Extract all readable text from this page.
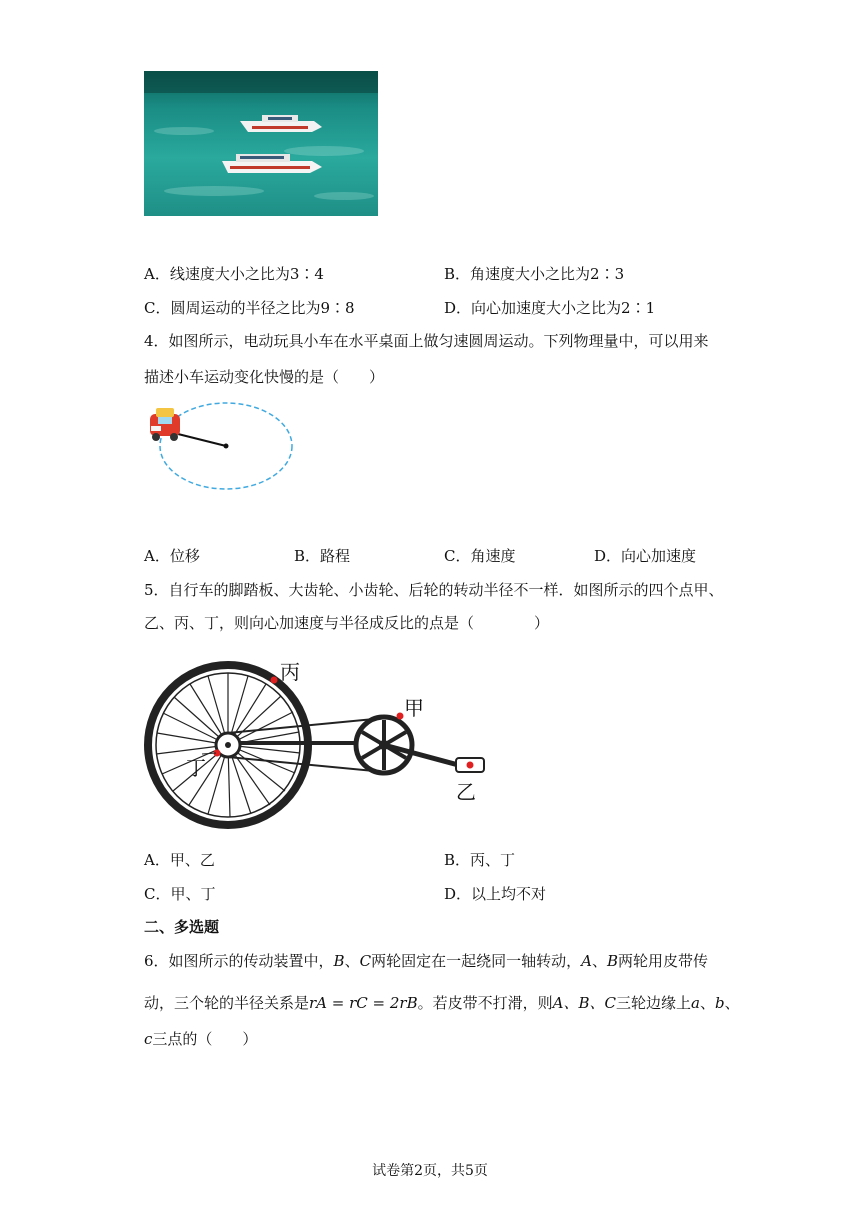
A．线速度大小之比为3∶4	B．角速度大小之比为2∶3
C．圆周运动的半径之比为9∶8	D．向心加速度大小之比为2∶1
4．如图所示，电动玩具小车在水平桌面上做匀速圆周运动。下列物理量中，可以用来
描述小车运动变化快慢的是（　　）
A．位移	B．路程	C．角速度	D．向心加速度
5．自行车的脚踏板、大齿轮、小齿轮、后轮的转动半径不一样．如图所示的四个点甲、
乙、丙、丁，则向心加速度与半径成反比的点是（　　　　）
丙
甲
乙
丁
A．甲、乙	B．丙、丁
C．甲、丁	D．以上均不对
二、多选题
6．如图所示的传动装置中，B、C两轮固定在一起绕同一轴转动，A、B两轮用皮带传
动，三个轮的半径关系是rA = rC = 2rB。若皮带不打滑，则A、B、C三轮边缘上a、b、
c三点的（　　）
试卷第2页，共5页
